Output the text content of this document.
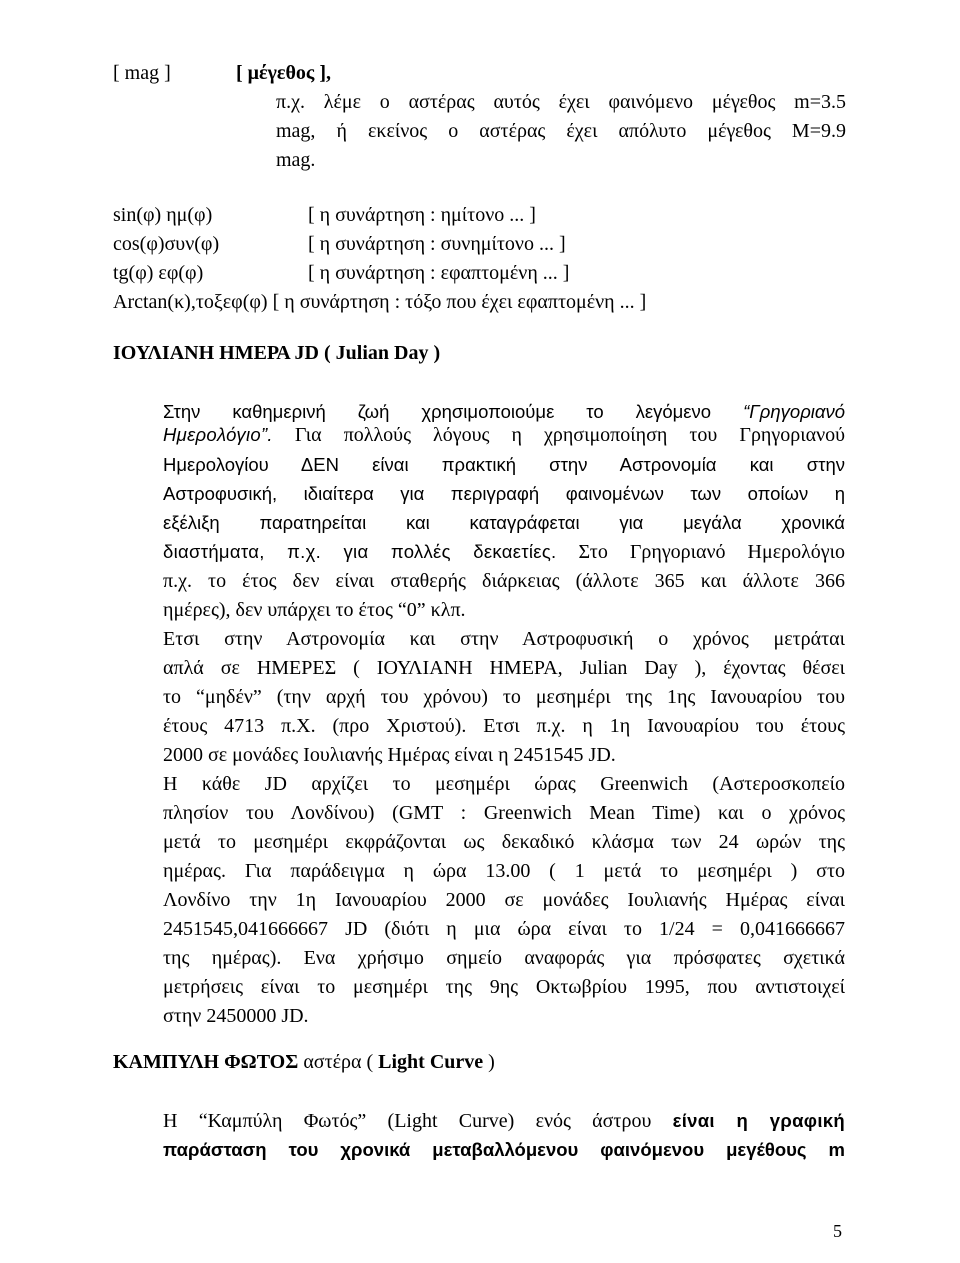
[ mag ]	[ μέγεθος ],
π.χ. λέμε ο αστέρας αυτός έχει φαινόμενο μέγεθος m=3.5
mag, ή εκείνος ο αστέρας έχει απόλυτο μέγεθος M=9.9
mag.
sin(φ) ημ(φ)	[ η συνάρτηση : ημίτονο ... ]
cos(φ)συν(φ)	[ η συνάρτηση : συνημίτονο ... ]
tg(φ) εφ(φ)	[ η συνάρτηση : εφαπτομένη ... ]
Arctan(κ),τοξεφ(φ) [ η συνάρτηση : τόξο που έχει εφαπτομένη ... ]
ΙΟΥΛΙΑΝΗ ΗΜΕΡΑ JD ( Julian Day )
Στην καθημερινή ζωή χρησιμοποιούμε το λεγόμενο “Γρηγοριανό
Ημερολόγιο”. Για πολλούς λόγους η χρησιμοποίηση του Γρηγοριανού
Ημερολογίου ΔΕΝ είναι πρακτική στην Αστρονομία και στην
Αστροφυσική, ιδιαίτερα για περιγραφή φαινομένων των οποίων η
εξέλιξη παρατηρείται και καταγράφεται για μεγάλα χρονικά
διαστήματα, π.χ. για πολλές δεκαετίες. Στο Γρηγοριανό Ημερολόγιο
π.χ. το έτος δεν είναι σταθερής διάρκειας (άλλοτε 365 και άλλοτε 366
ημέρες), δεν υπάρχει το έτος “0” κλπ.
Ετσι στην Αστρονομία και στην Αστροφυσική ο χρόνος μετράται
απλά σε ΗΜΕΡΕΣ ( ΙΟΥΛΙΑΝΗ ΗΜΕΡΑ, Julian Day ), έχοντας θέσει
το “μηδέν” (την αρχή του χρόνου) το μεσημέρι της 1ης Ιανουαρίου του
έτους 4713 π.Χ. (προ Χριστού). Ετσι π.χ. η 1η Ιανουαρίου του έτους
2000 σε μονάδες Ιουλιανής Ημέρας είναι η 2451545 JD.
Η κάθε JD αρχίζει το μεσημέρι ώρας Greenwich (Αστεροσκοπείο
πλησίον του Λονδίνου) (GMT : Greenwich Mean Time) και ο χρόνος
μετά το μεσημέρι εκφράζονται ως δεκαδικό κλάσμα των 24 ωρών της
ημέρας. Για παράδειγμα η ώρα 13.00 ( 1 μετά το μεσημέρι ) στο
Λονδίνο την 1η Ιανουαρίου 2000 σε μονάδες Ιουλιανής Ημέρας είναι
2451545,041666667 JD (διότι η μια ώρα είναι το 1/24 = 0,041666667
της ημέρας). Ενα χρήσιμο σημείο αναφοράς για πρόσφατες σχετικά
μετρήσεις είναι το μεσημέρι της 9ης Οκτωβρίου 1995, που αντιστοιχεί
στην 2450000 JD.
ΚΑΜΠΥΛΗ ΦΩΤΟΣ αστέρα ( Light Curve )
Η “Καμπύλη Φωτός” (Light Curve) ενός άστρου είναι η γραφική
παράσταση του χρονικά μεταβαλλόμενου φαινόμενου μεγέθους m
5
